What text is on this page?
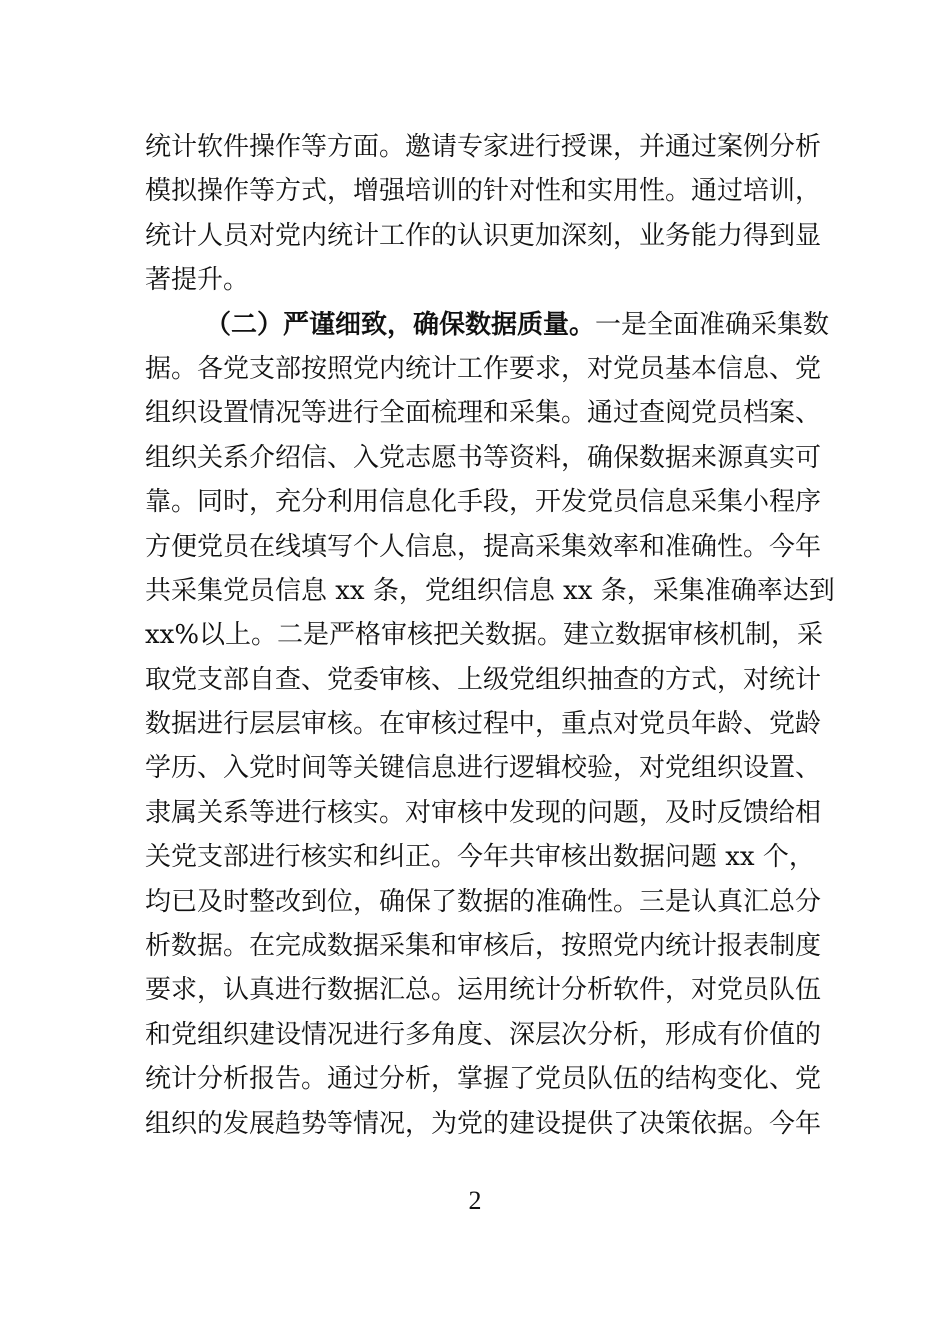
统计软件操作等方面。邀请专家进行授课，并通过案例分析
模拟操作等方式，增强培训的针对性和实用性。通过培训，
统计人员对党内统计工作的认识更加深刻，业务能力得到显
著提升。
（二）严谨细致，确保数据质量。一是全面准确采集数
据。各党支部按照党内统计工作要求，对党员基本信息、党
组织设置情况等进行全面梳理和采集。通过查阅党员档案、
组织关系介绍信、入党志愿书等资料，确保数据来源真实可
靠。同时，充分利用信息化手段，开发党员信息采集小程序
方便党员在线填写个人信息，提高采集效率和准确性。今年
共采集党员信息 xx 条，党组织信息 xx 条，采集准确率达到
xx%以上。二是严格审核把关数据。建立数据审核机制，采
取党支部自查、党委审核、上级党组织抽查的方式，对统计
数据进行层层审核。在审核过程中，重点对党员年龄、党龄
学历、入党时间等关键信息进行逻辑校验，对党组织设置、
隶属关系等进行核实。对审核中发现的问题，及时反馈给相
关党支部进行核实和纠正。今年共审核出数据问题 xx 个，
均已及时整改到位，确保了数据的准确性。三是认真汇总分
析数据。在完成数据采集和审核后，按照党内统计报表制度
要求，认真进行数据汇总。运用统计分析软件，对党员队伍
和党组织建设情况进行多角度、深层次分析，形成有价值的
统计分析报告。通过分析，掌握了党员队伍的结构变化、党
组织的发展趋势等情况，为党的建设提供了决策依据。今年
2
